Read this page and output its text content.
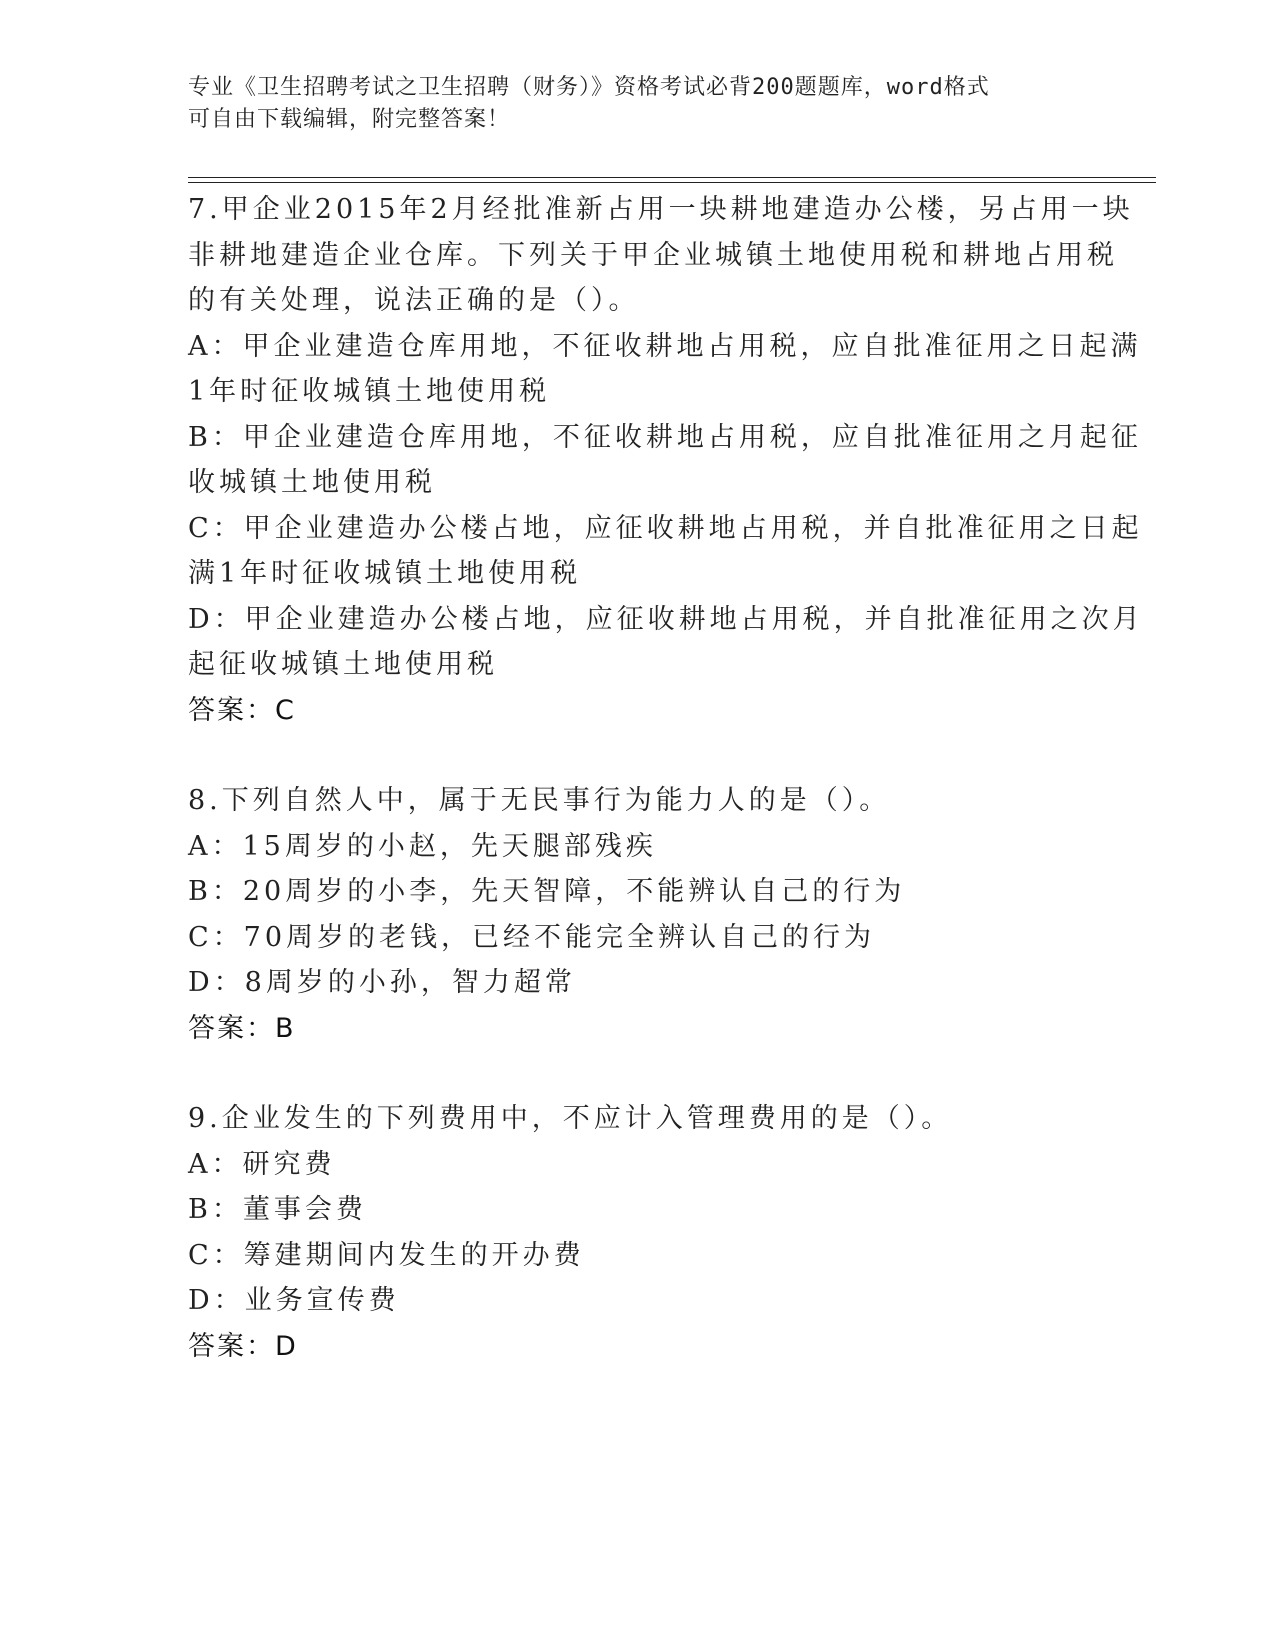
专业《卫生招聘考试之卫生招聘（财务）》资格考试必背200题题库，word格式
可自由下载编辑，附完整答案！
7.甲企业2015年2月经批准新占用一块耕地建造办公楼，另占用一块
非耕地建造企业仓库。下列关于甲企业城镇土地使用税和耕地占用税
的有关处理，说法正确的是（）。
A：甲企业建造仓库用地，不征收耕地占用税，应自批准征用之日起满
1年时征收城镇土地使用税
B：甲企业建造仓库用地，不征收耕地占用税，应自批准征用之月起征
收城镇土地使用税
C：甲企业建造办公楼占地，应征收耕地占用税，并自批准征用之日起
满1年时征收城镇土地使用税
D：甲企业建造办公楼占地，应征收耕地占用税，并自批准征用之次月
起征收城镇土地使用税
答案：C
8.下列自然人中，属于无民事行为能力人的是（）。
A：15周岁的小赵，先天腿部残疾
B：20周岁的小李，先天智障，不能辨认自己的行为
C：70周岁的老钱，已经不能完全辨认自己的行为
D：8周岁的小孙，智力超常
答案：B
9.企业发生的下列费用中，不应计入管理费用的是（）。
A：研究费
B：董事会费
C：筹建期间内发生的开办费
D：业务宣传费
答案：D
